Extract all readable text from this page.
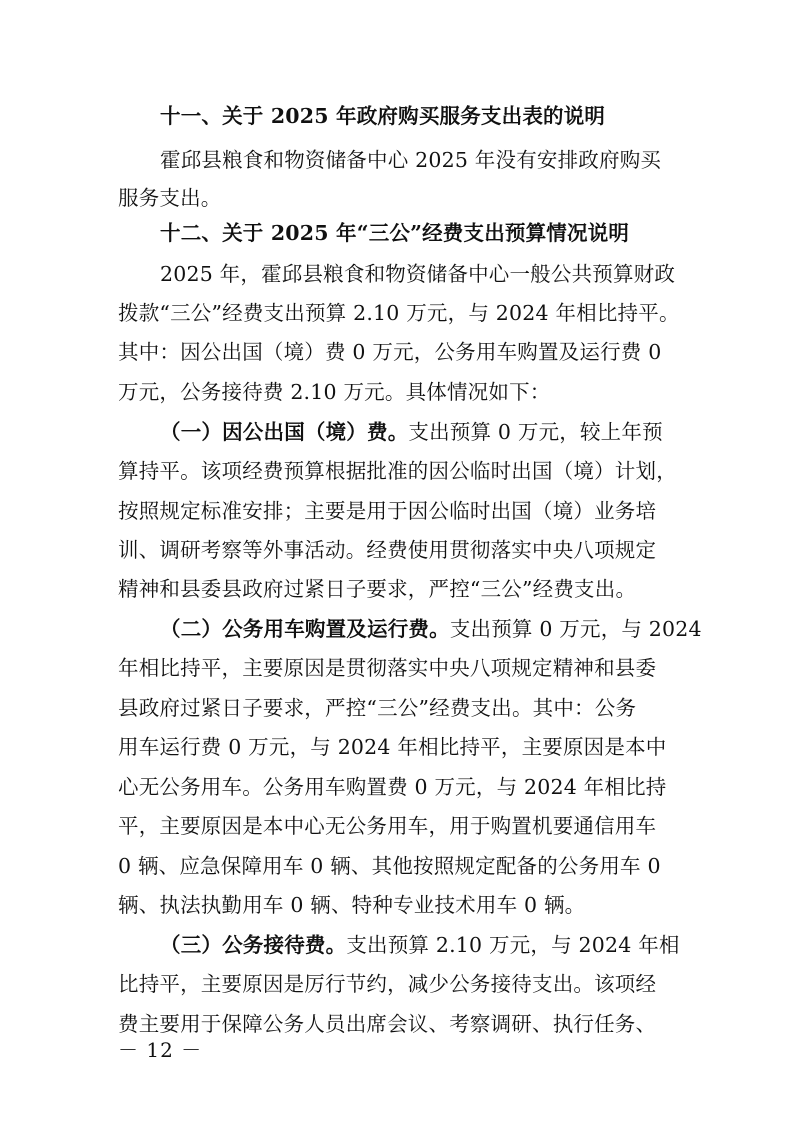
十一、关于 2025 年政府购买服务支出表的说明
霍邱县粮食和物资储备中心 2025 年没有安排政府购买
服务支出。
十二、关于 2025 年“三公”经费支出预算情况说明
2025 年，霍邱县粮食和物资储备中心一般公共预算财政
拨款“三公”经费支出预算 2.10 万元，与 2024 年相比持平。
其中：因公出国（境）费 0 万元，公务用车购置及运行费 0
万元，公务接待费 2.10 万元。具体情况如下：
（一）因公出国（境）费。支出预算 0 万元，较上年预
算持平。该项经费预算根据批准的因公临时出国（境）计划，
按照规定标准安排；主要是用于因公临时出国（境）业务培
训、调研考察等外事活动。经费使用贯彻落实中央八项规定
精神和县委县政府过紧日子要求，严控“三公”经费支出。
（二）公务用车购置及运行费。支出预算 0 万元，与 2024
年相比持平，主要原因是贯彻落实中央八项规定精神和县委
县政府过紧日子要求，严控“三公”经费支出。其中：公务
用车运行费 0 万元，与 2024 年相比持平，主要原因是本中
心无公务用车。公务用车购置费 0 万元，与 2024 年相比持
平，主要原因是本中心无公务用车，用于购置机要通信用车
0 辆、应急保障用车 0 辆、其他按照规定配备的公务用车 0
辆、执法执勤用车 0 辆、特种专业技术用车 0 辆。
（三）公务接待费。支出预算 2.10 万元，与 2024 年相
比持平，主要原因是厉行节约，减少公务接待支出。该项经
费主要用于保障公务人员出席会议、考察调研、执行任务、
－ 12 －
